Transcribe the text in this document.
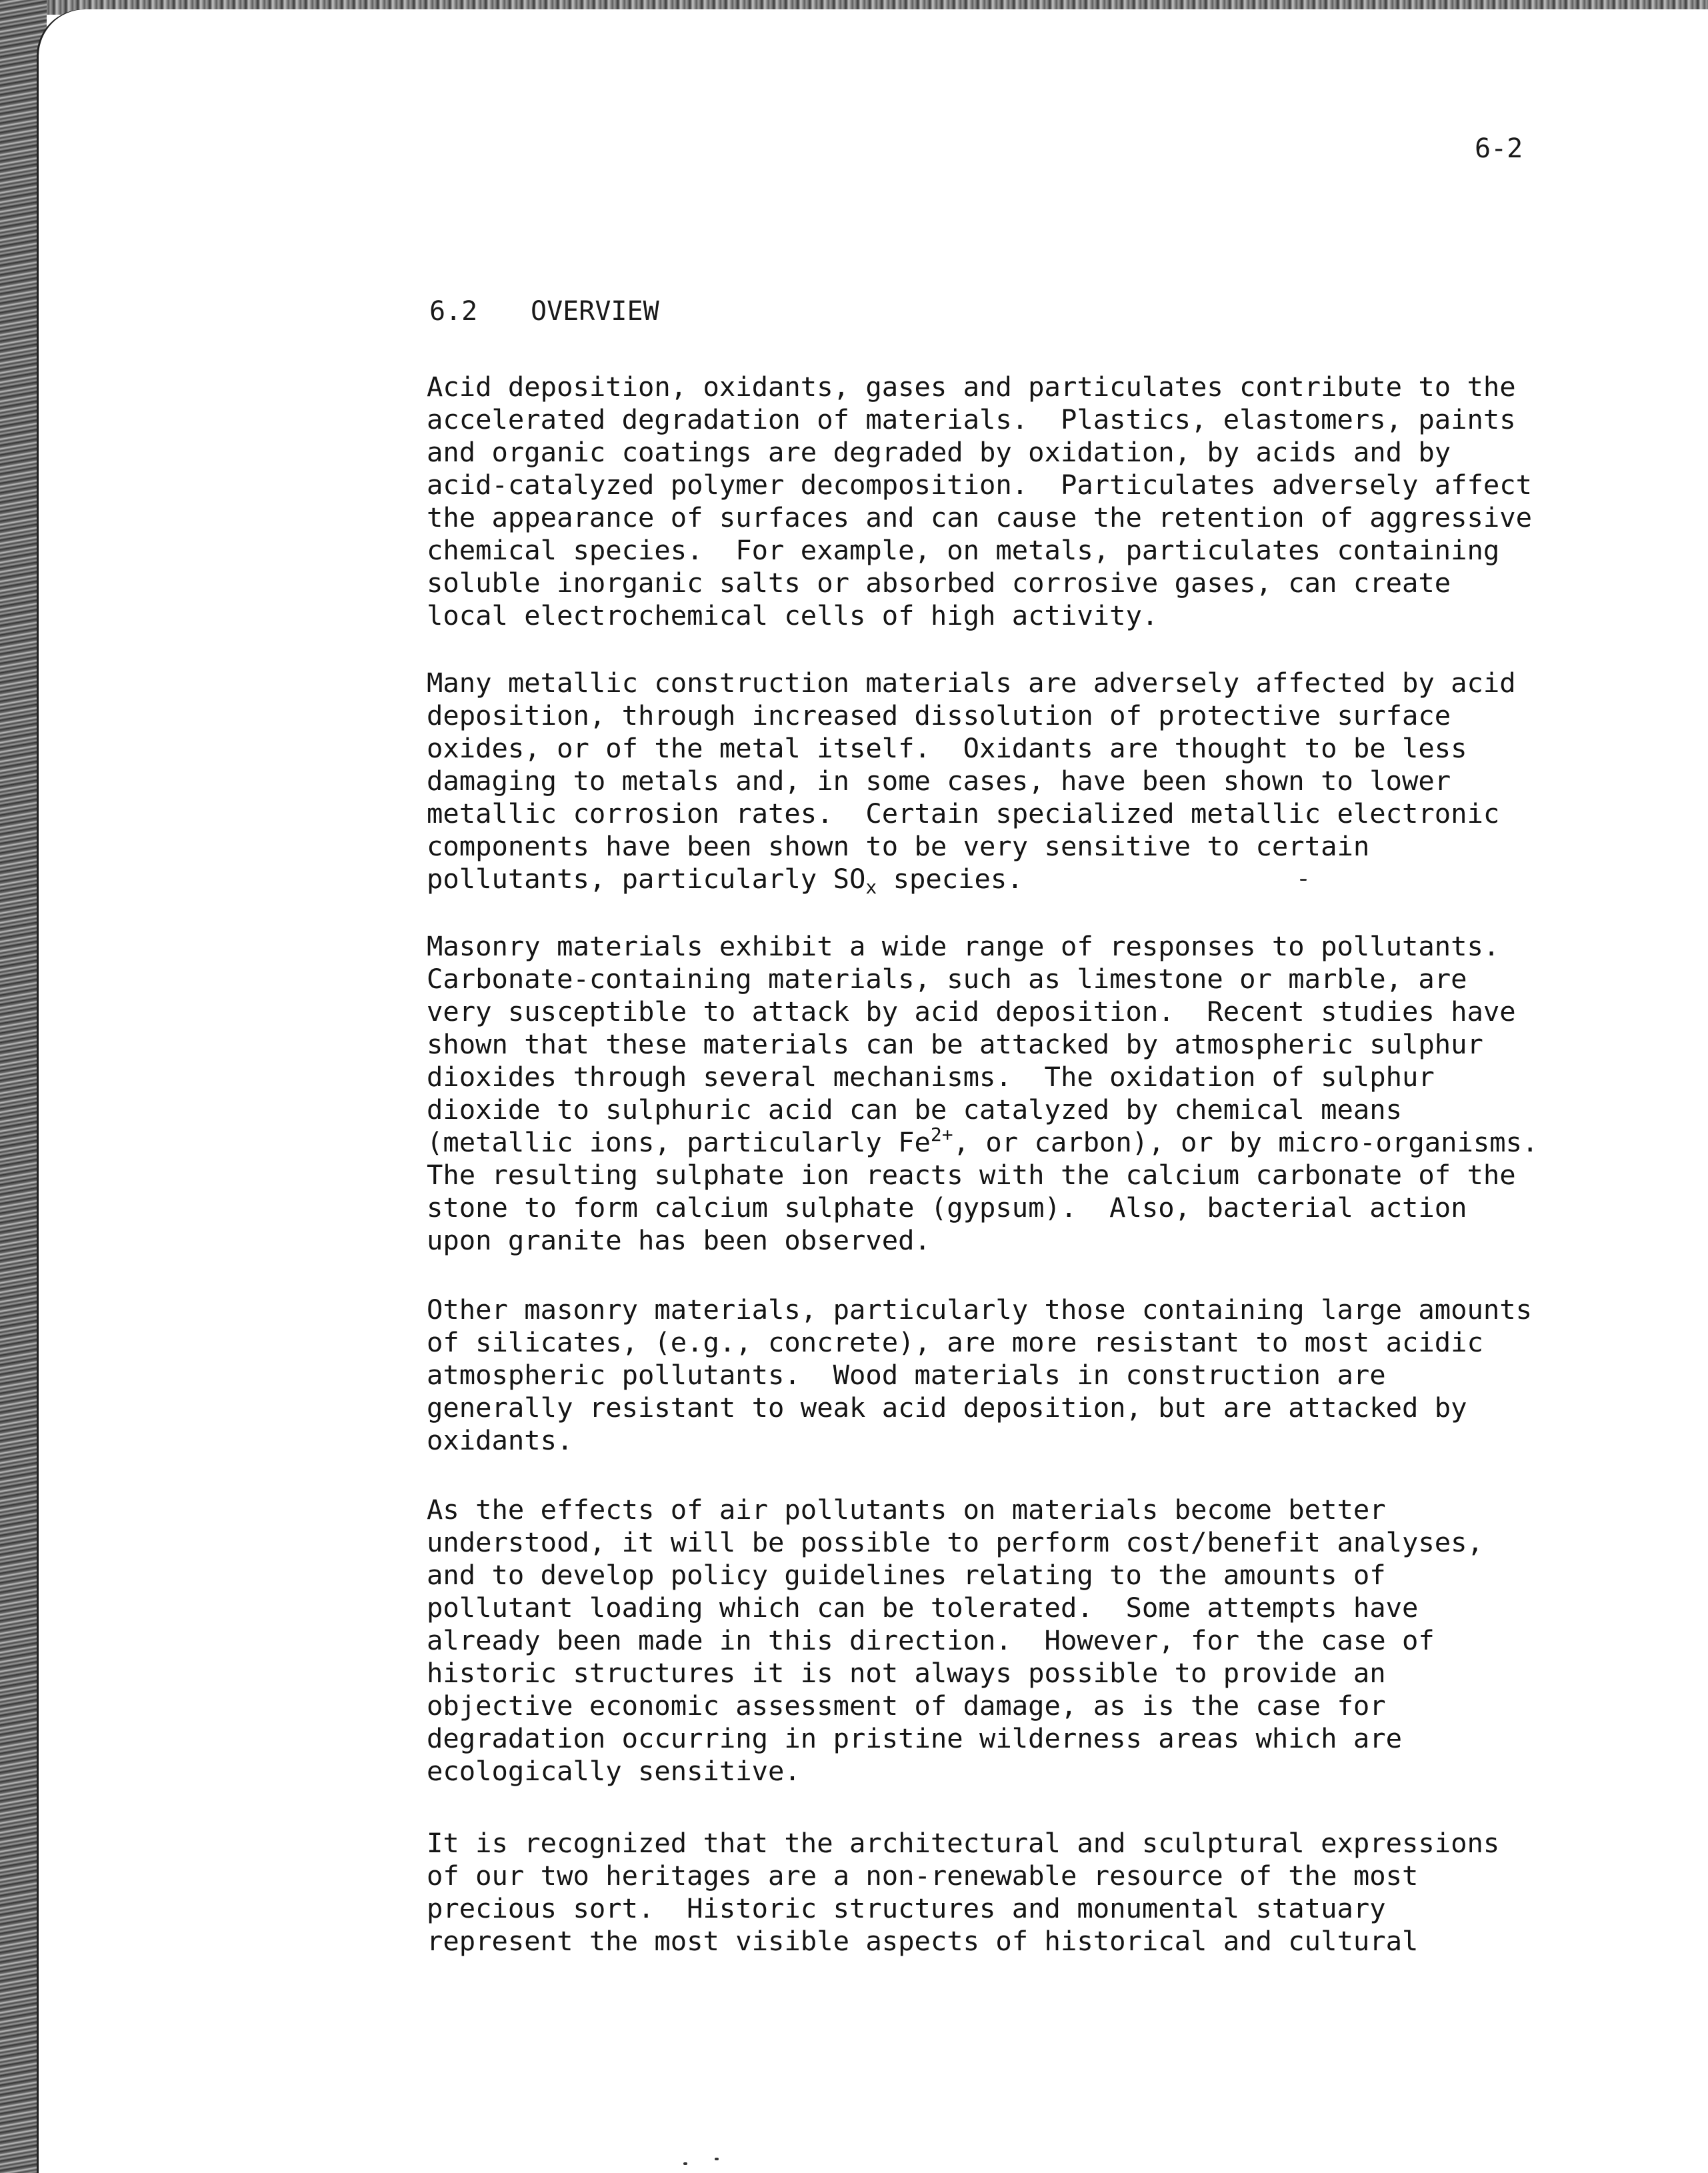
6-2
6.2 OVERVIEW
Acid deposition, oxidants, gases and particulates contribute to the
accelerated degradation of materials.  Plastics, elastomers, paints
and organic coatings are degraded by oxidation, by acids and by
acid-catalyzed polymer decomposition.  Particulates adversely affect
the appearance of surfaces and can cause the retention of aggressive
chemical species.  For example, on metals, particulates containing
soluble inorganic salts or absorbed corrosive gases, can create
local electrochemical cells of high activity.
Many metallic construction materials are adversely affected by acid
deposition, through increased dissolution of protective surface
oxides, or of the metal itself.  Oxidants are thought to be less
damaging to metals and, in some cases, have been shown to lower
metallic corrosion rates.  Certain specialized metallic electronic
components have been shown to be very sensitive to certain
pollutants, particularly $SO_x$ species.
Masonry materials exhibit a wide range of responses to pollutants.
Carbonate-containing materials, such as limestone or marble, are
very susceptible to attack by acid deposition.  Recent studies have
shown that these materials can be attacked by atmospheric sulphur
dioxides through several mechanisms.  The oxidation of sulphur
dioxide to sulphuric acid can be catalyzed by chemical means
(metallic ions, particularly $Fe^{2+}$, or carbon), or by micro-organisms.
The resulting sulphate ion reacts with the calcium carbonate of the
stone to form calcium sulphate (gypsum).  Also, bacterial action
upon granite has been observed.
Other masonry materials, particularly those containing large amounts
of silicates, (e.g., concrete), are more resistant to most acidic
atmospheric pollutants.  Wood materials in construction are
generally resistant to weak acid deposition, but are attacked by
oxidants.
As the effects of air pollutants on materials become better
understood, it will be possible to perform cost/benefit analyses,
and to develop policy guidelines relating to the amounts of
pollutant loading which can be tolerated.  Some attempts have
already been made in this direction.  However, for the case of
historic structures it is not always possible to provide an
objective economic assessment of damage, as is the case for
degradation occurring in pristine wilderness areas which are
ecologically sensitive.
It is recognized that the architectural and sculptural expressions
of our two heritages are a non-renewable resource of the most
precious sort.  Historic structures and monumental statuary
represent the most visible aspects of historical and cultural
